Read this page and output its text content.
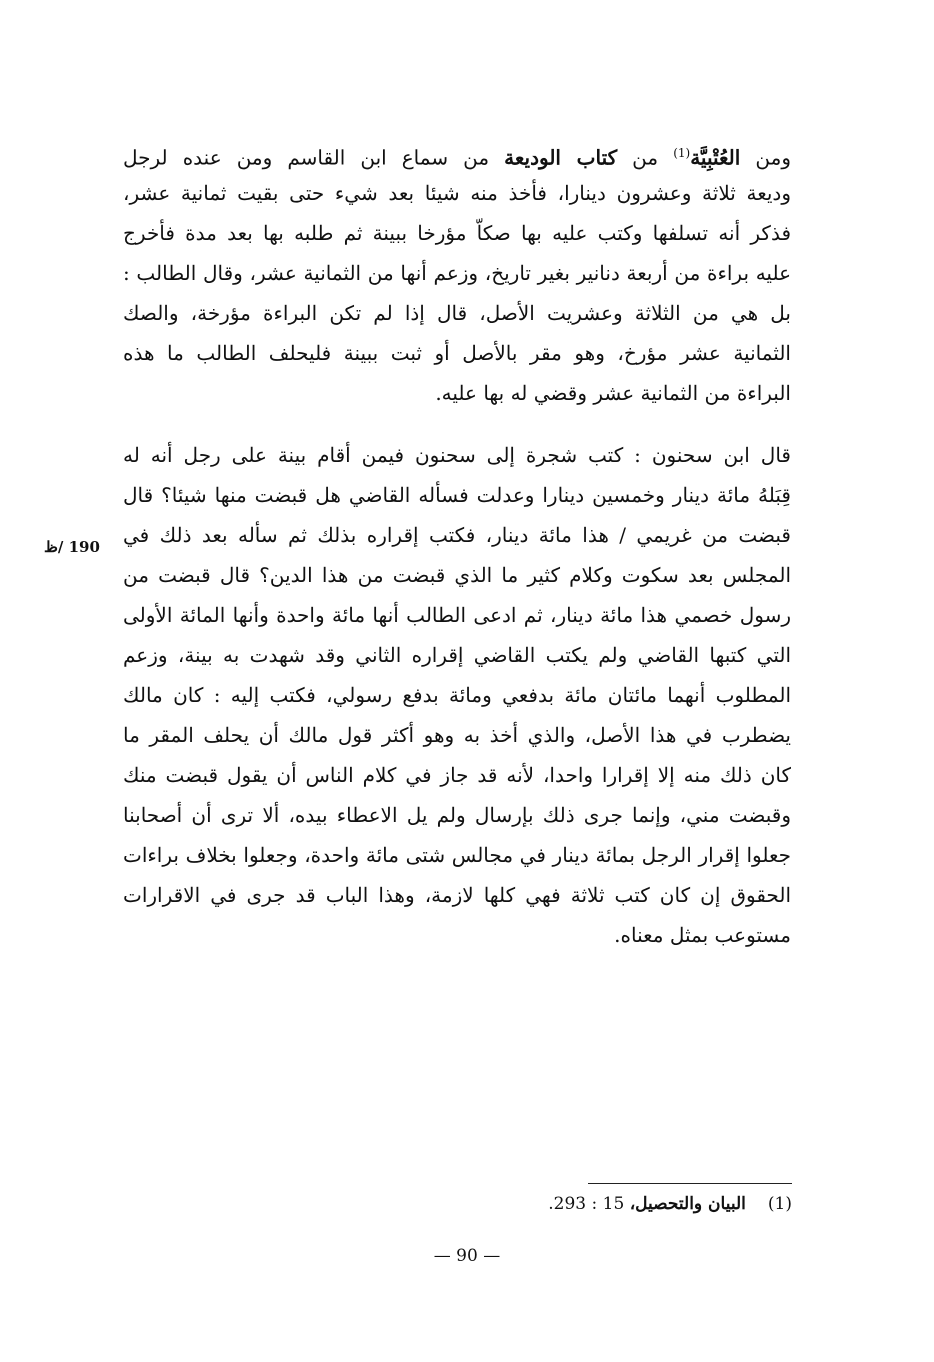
ومن العُتْبِيَّة$^{(1)}$ من كتاب الوديعة من سماع ابن القاسم ومن عنده لرجل
وديعة ثلاثة وعشرون دينارا، فأخذ منه شيئا بعد شيء حتى بقيت ثمانية عشر،
فذكر أنه تسلفها وكتب عليه بها صكاّ مؤرخا ببينة ثم طلبه بها بعد مدة فأخرج
عليه براءة من أربعة دنانير بغير تاريخ، وزعم أنها من الثمانية عشر، وقال الطالب :
بل هي من الثلاثة وعشريت الأصل، قال إذا لم تكن البراءة مؤرخة، والصك
الثمانية عشر مؤرخ، وهو مقر بالأصل أو ثبت ببينة فليحلف الطالب ما هذه
البراءة من الثمانية عشر وقضي له بها عليه.
قال ابن سحنون : كتب شجرة إلى سحنون فيمن أقام بينة على رجل أنه له
قِبَلهُ مائة دينار وخمسين دينارا وعدلت فسأله القاضي هل قبضت منها شيئا؟ قال
قبضت من غريمي / هذا مائة دينار، فكتب إقراره بذلك ثم سأله بعد ذلك في
المجلس بعد سكوت وكلام كثير ما الذي قبضت من هذا الدين؟ قال قبضت من
رسول خصمي هذا مائة دينار، ثم ادعى الطالب أنها مائة واحدة وأنها المائة الأولى
التي كتبها القاضي ولم يكتب القاضي إقراره الثاني وقد شهدت به بينة، وزعم
المطلوب أنهما مائتان مائة بدفعي ومائة بدفع رسولي، فكتب إليه : كان مالك
يضطرب في هذا الأصل، والذي أخذ به وهو أكثر قول مالك أن يحلف المقر ما
كان ذلك منه إلا إقرارا واحدا، لأنه قد جاز في كلام الناس أن يقول قبضت منك
وقبضت مني، وإنما جرى ذلك بإرسال ولم يل الاعطاء بيده، ألا ترى أن أصحابنا
جعلوا إقرار الرجل بمائة دينار في مجالس شتى مائة واحدة، وجعلوا بخلاف براءات
الحقوق إن كان كتب ثلاثة فهي كلها لازمة، وهذا الباب قد جرى في الاقرارات
مستوعب بمثل معناه.
190 /ظ
(1)البيان والتحصيل، 15 : 293.
— 90 —
